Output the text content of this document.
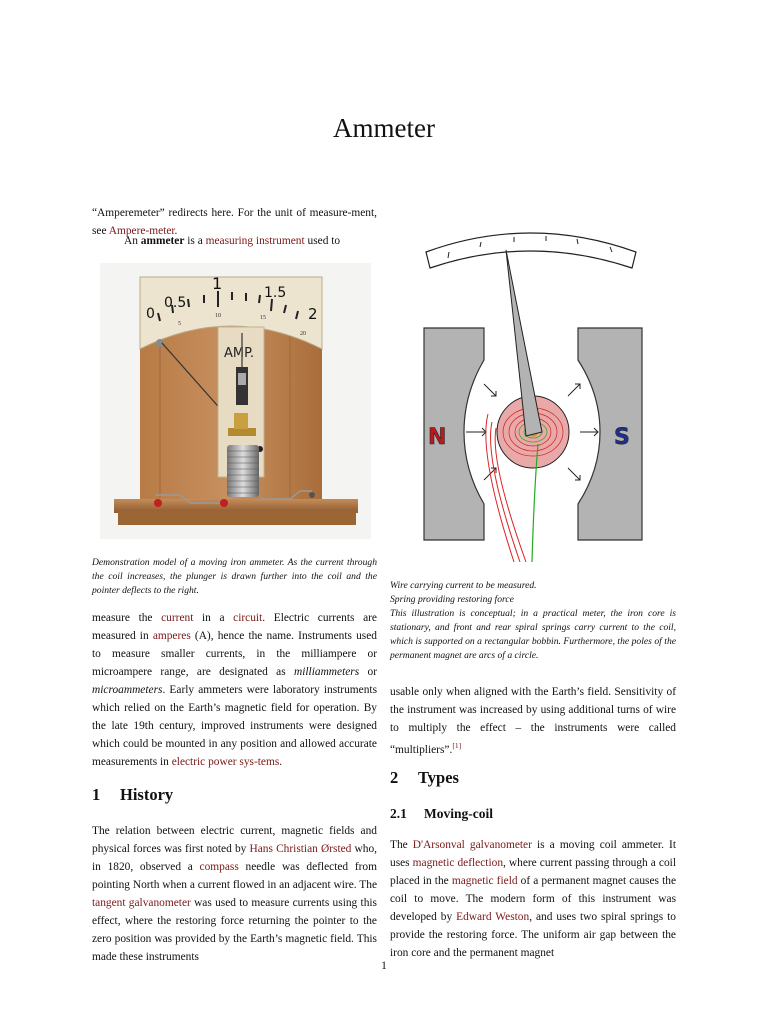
Ammeter
“Amperemeter” redirects here. For the unit of measure-ment, see Ampere-meter.
An ammeter is a measuring instrument used to
0
0.5
1	1.5
2
5
10	15
20
AMP.
Demonstration model of a moving iron ammeter. As the current through the coil increases, the plunger is drawn further into the coil and the pointer deflects to the right.
N	S
Wire carrying current to be measured.
Spring providing restoring force
This illustration is conceptual; in a practical meter, the iron core is stationary, and front and rear spiral springs carry current to the coil, which is supported on a rectangular bobbin. Furthermore, the poles of the permanent magnet are arcs of a circle.
measure the current in a circuit. Electric currents are measured in amperes (A), hence the name. Instruments used to measure smaller currents, in the milliampere or microampere range, are designated as milliammeters or microammeters. Early ammeters were laboratory instruments which relied on the Earth’s magnetic field for operation. By the late 19th century, improved instruments were designed which could be mounted in any position and allowed accurate measurements in electric power sys-tems.
usable only when aligned with the Earth’s field. Sensitivity of the instrument was increased by using additional turns of wire to multiply the effect – the instruments were called “multipliers”.[1]
1 History
The relation between electric current, magnetic fields and physical forces was first noted by Hans Christian Ørsted who, in 1820, observed a compass needle was deflected from pointing North when a current flowed in an adjacent wire. The tangent galvanometer was used to measure currents using this effect, where the restoring force returning the pointer to the zero position was provided by the Earth’s magnetic field. This made these instruments
2 Types
2.1 Moving-coil
The D'Arsonval galvanometer is a moving coil ammeter. It uses magnetic deflection, where current passing through a coil placed in the magnetic field of a permanent magnet causes the coil to move. The modern form of this instrument was developed by Edward Weston, and uses two spiral springs to provide the restoring force. The uniform air gap between the iron core and the permanent magnet
1
